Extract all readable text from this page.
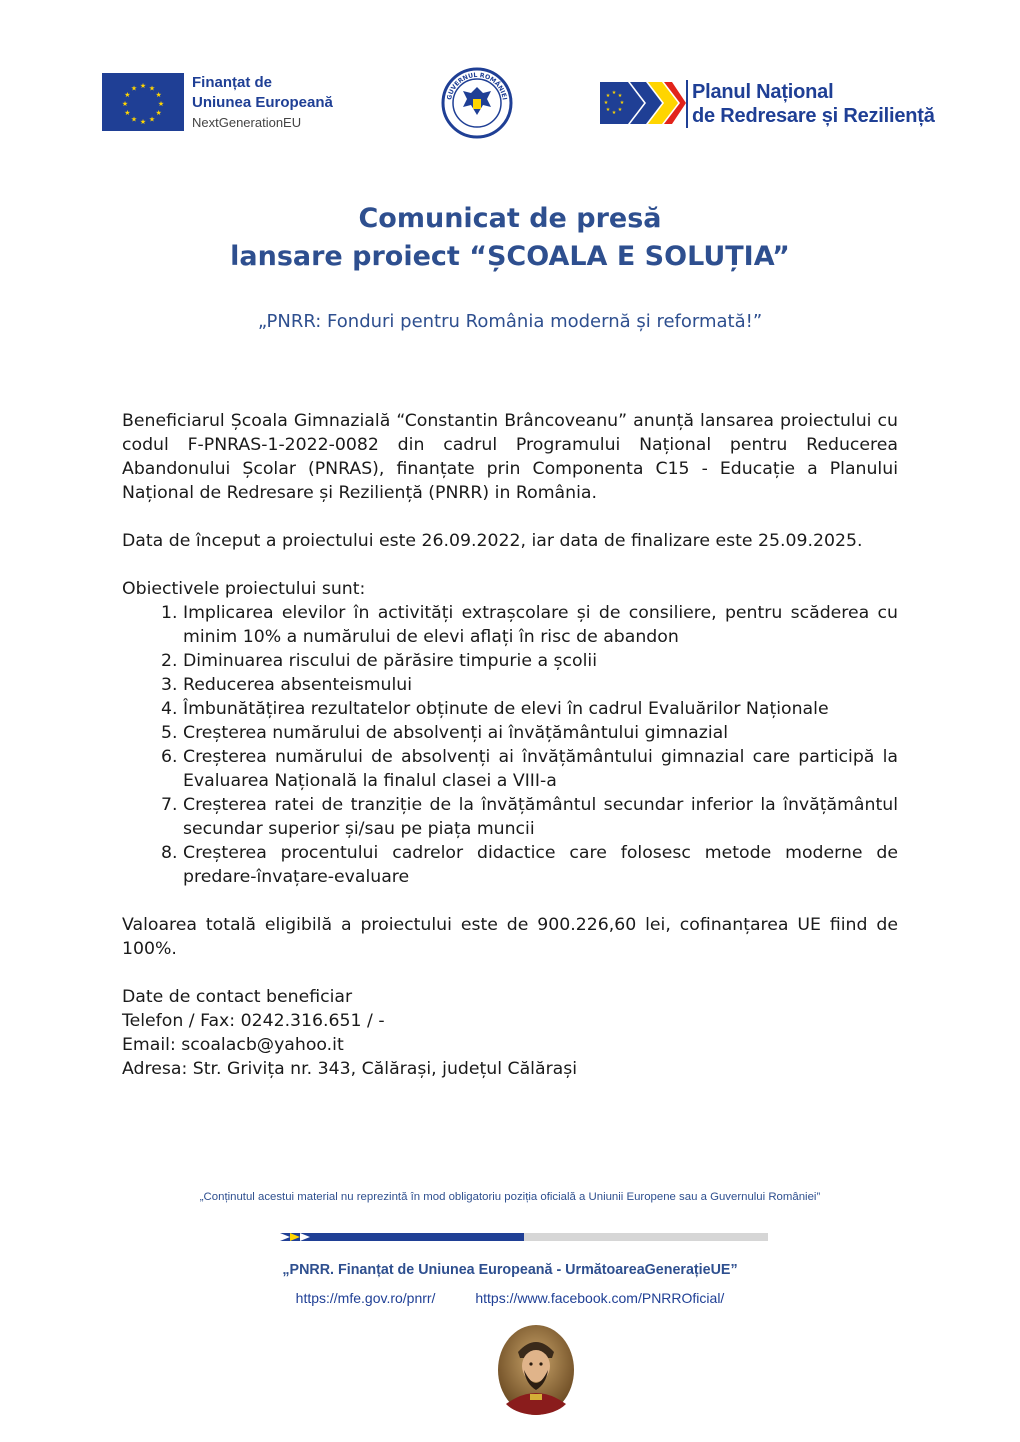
★ ★
★
★
★
★
★
★
★
★
★
★	Finanțat de
Uniunea Europeană
NextGenerationEU
GUVERNUL ROMÂNIEI
★ ★
★
★
★
★
★
★	Planul Național
de Redresare și Reziliență
Comunicat de presă
lansare proiect “ȘCOALA E SOLUȚIA”
„PNRR: Fonduri pentru România modernă și reformată!”

Beneficiarul Școala Gimnazială “Constantin Brâncoveanu” anunță lansarea proiectului cu codul F-PNRAS-1-2022-0082 din cadrul Programului Național pentru Reducerea Abandonului Școlar (PNRAS), finanțate prin Componenta C15 - Educație a Planului Național de Redresare și Reziliență (PNRR) in România.

Data de început a proiectului este 26.09.2022, iar data de finalizare este 25.09.2025.

Obiectivele proiectului sunt:

1. Implicarea elevilor în activități extrașcolare și de consiliere, pentru scăderea cu minim 10% a numărului de elevi aflați în risc de abandon
2. Diminuarea riscului de părăsire timpurie a școlii
3. Reducerea absenteismului
4. Îmbunătățirea rezultatelor obținute de elevi în cadrul Evaluărilor Naționale
5. Creșterea numărului de absolvenți ai învățământului gimnazial
6. Creșterea numărului de absolvenți ai învățământului gimnazial care participă la Evaluarea Națională la finalul clasei a VIII-a
7. Creșterea ratei de tranziție de la învățământul secundar inferior la învățământul secundar superior și/sau pe piața muncii
8. Creșterea procentului cadrelor didactice care folosesc metode moderne de predare-învațare-evaluare

Valoarea totală eligibilă a proiectului este de 900.226,60 lei, cofinanțarea UE fiind de 100%.

Date de contact beneficiar
Telefon / Fax: 0242.316.651 / -
Email: scoalacb@yahoo.it
Adresa: Str. Grivița nr. 343, Călărași, județul Călărași
„Conținutul acestui material nu reprezintă în mod obligatoriu poziția oficială a Uniunii Europene sau a Guvernului României”
„PNRR. Finanțat de Uniunea Europeană - UrmătoareaGenerațieUE”
https://mfe.gov.ro/pnrr/	https://www.facebook.com/PNRROficial/
